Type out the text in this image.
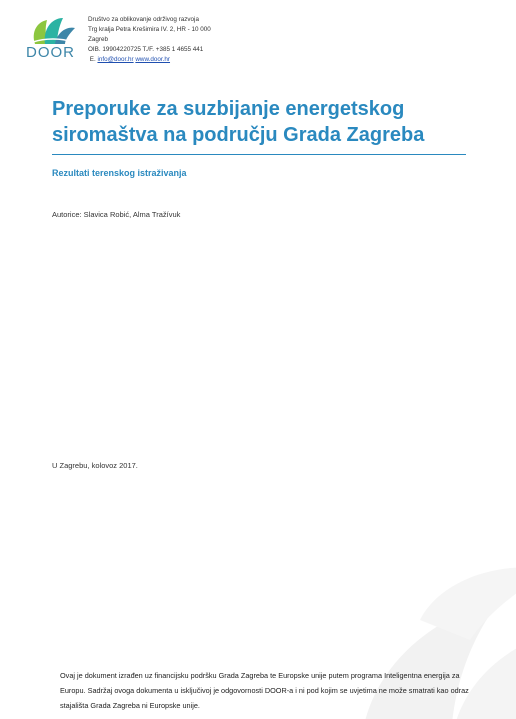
DOOR
Društvo za oblikovanje održivog razvoja
Trg kralja Petra Krešimira IV. 2, HR - 10 000
Zagreb
OIB. 19904220725 T./F. +385 1 4655 441
E. info@door.hr www.door.hr
Preporuke za suzbijanje energetskog siromaštva na području Grada Zagreba
Rezultati terenskog istraživanja
Autorice: Slavica Robić, Alma Tražívuk
U Zagrebu, kolovoz 2017.
Ovaj je dokument izrađen uz financijsku podršku Grada Zagreba te Europske unije putem programa Inteligentna energija za Europu. Sadržaj ovoga dokumenta u isključivoj je odgovornosti DOOR-a i ni pod kojim se uvjetima ne može smatrati kao odraz stajališta Grada Zagreba ni Europske unije.
